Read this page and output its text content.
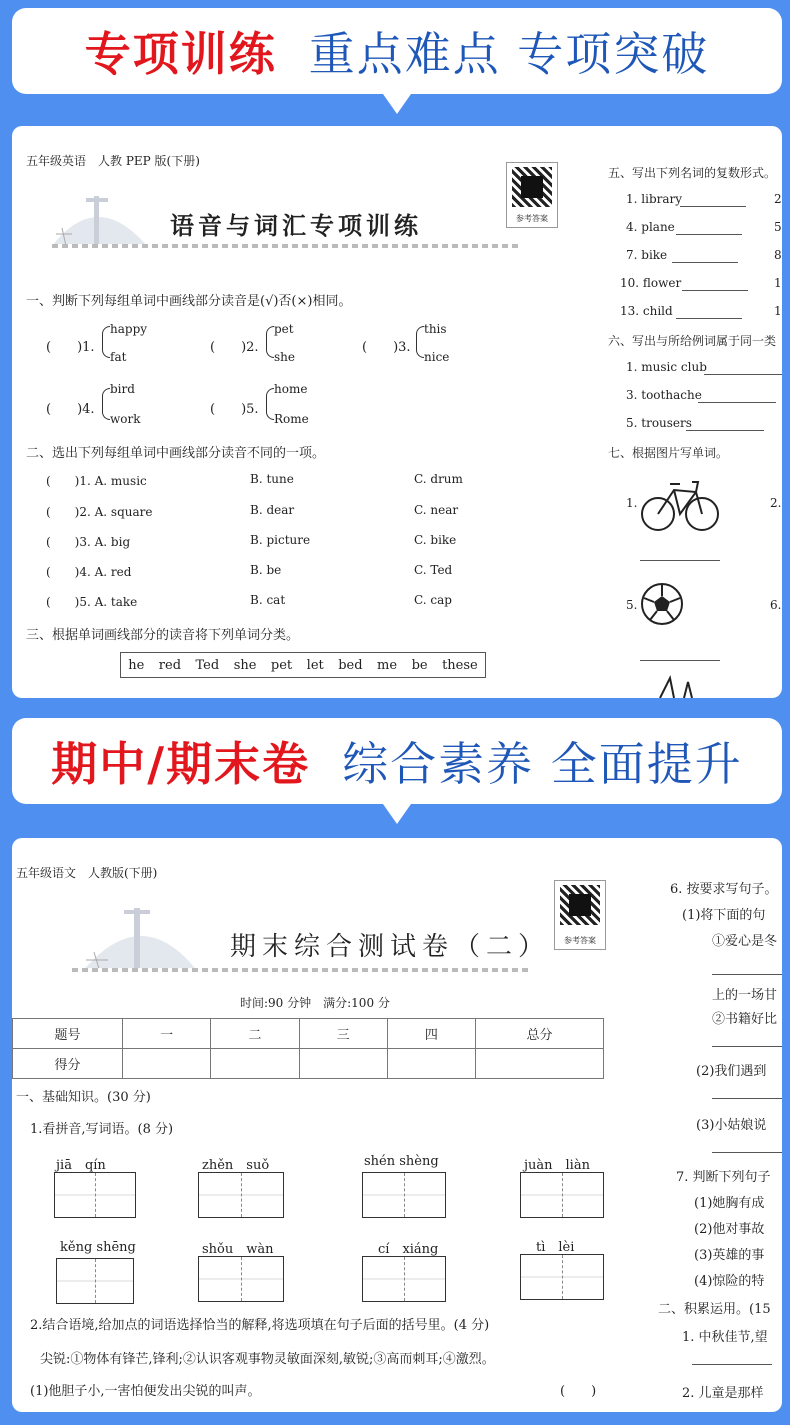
专项训练 重点难点 专项突破
五年级英语　人教 PEP 版(下册)
语音与词汇专项训练	参考答案
一、判断下列每组单词中画线部分读音是(√)否(×)相同。
(　　)1.
happy
fat
(　　)2.
pet
she
(　　)3.
this
nice
(　　)4.
bird
work
(　　)5.
home
Rome
二、选出下列每组单词中画线部分读音不同的一项。
(　　)1. A. music	B. tune	C. drum
(　　)2. A. square	B. dear	C. near
(　　)3. A. big	B. picture	C. bike
(　　)4. A. red	B. be	C. Ted
(　　)5. A. take	B. cat	C. cap
三、根据单词画线部分的读音将下列单词分类。
he red Ted she pet let bed me be these
五、写出下列名词的复数形式。
1. library	2
4. plane	5
7. bike	8
10. flower	1
13. child	1
六、写出与所给例词属于同一类
1. music club
3. toothache
5. trousers
七、根据图片写单词。
1.	2.
5.	6.
期中/期末卷 综合素养 全面提升
五年级语文　人教版(下册)
期末综合测试卷（二）	参考答案
时间:90 分钟　满分:100 分
题号	一	二	三	四	总分
得分					
一、基础知识。(30 分)
1.看拼音,写词语。(8 分)
jiā　qín	zhěn　suǒ	shén shèng	juàn　liàn
kěng shēng	shǒu　wàn	cí　xiáng	tì　lèi
2.结合语境,给加点的词语选择恰当的解释,将选项填在句子后面的括号里。(4 分)
尖锐:①物体有锋芒,锋利;②认识客观事物灵敏面深刻,敏锐;③高而刺耳;④激烈。
(1)他胆子小,一害怕便发出尖锐的叫声。	(　　)
6. 按要求写句子。
(1)将下面的句
①爱心是冬
上的一场甘
②书籍好比
(2)我们遇到
(3)小姑娘说
7. 判断下列句子
(1)她胸有成
(2)他对事故
(3)英雄的事
(4)惊险的特
二、积累运用。(15
1. 中秋佳节,望
2. 儿童是那样
